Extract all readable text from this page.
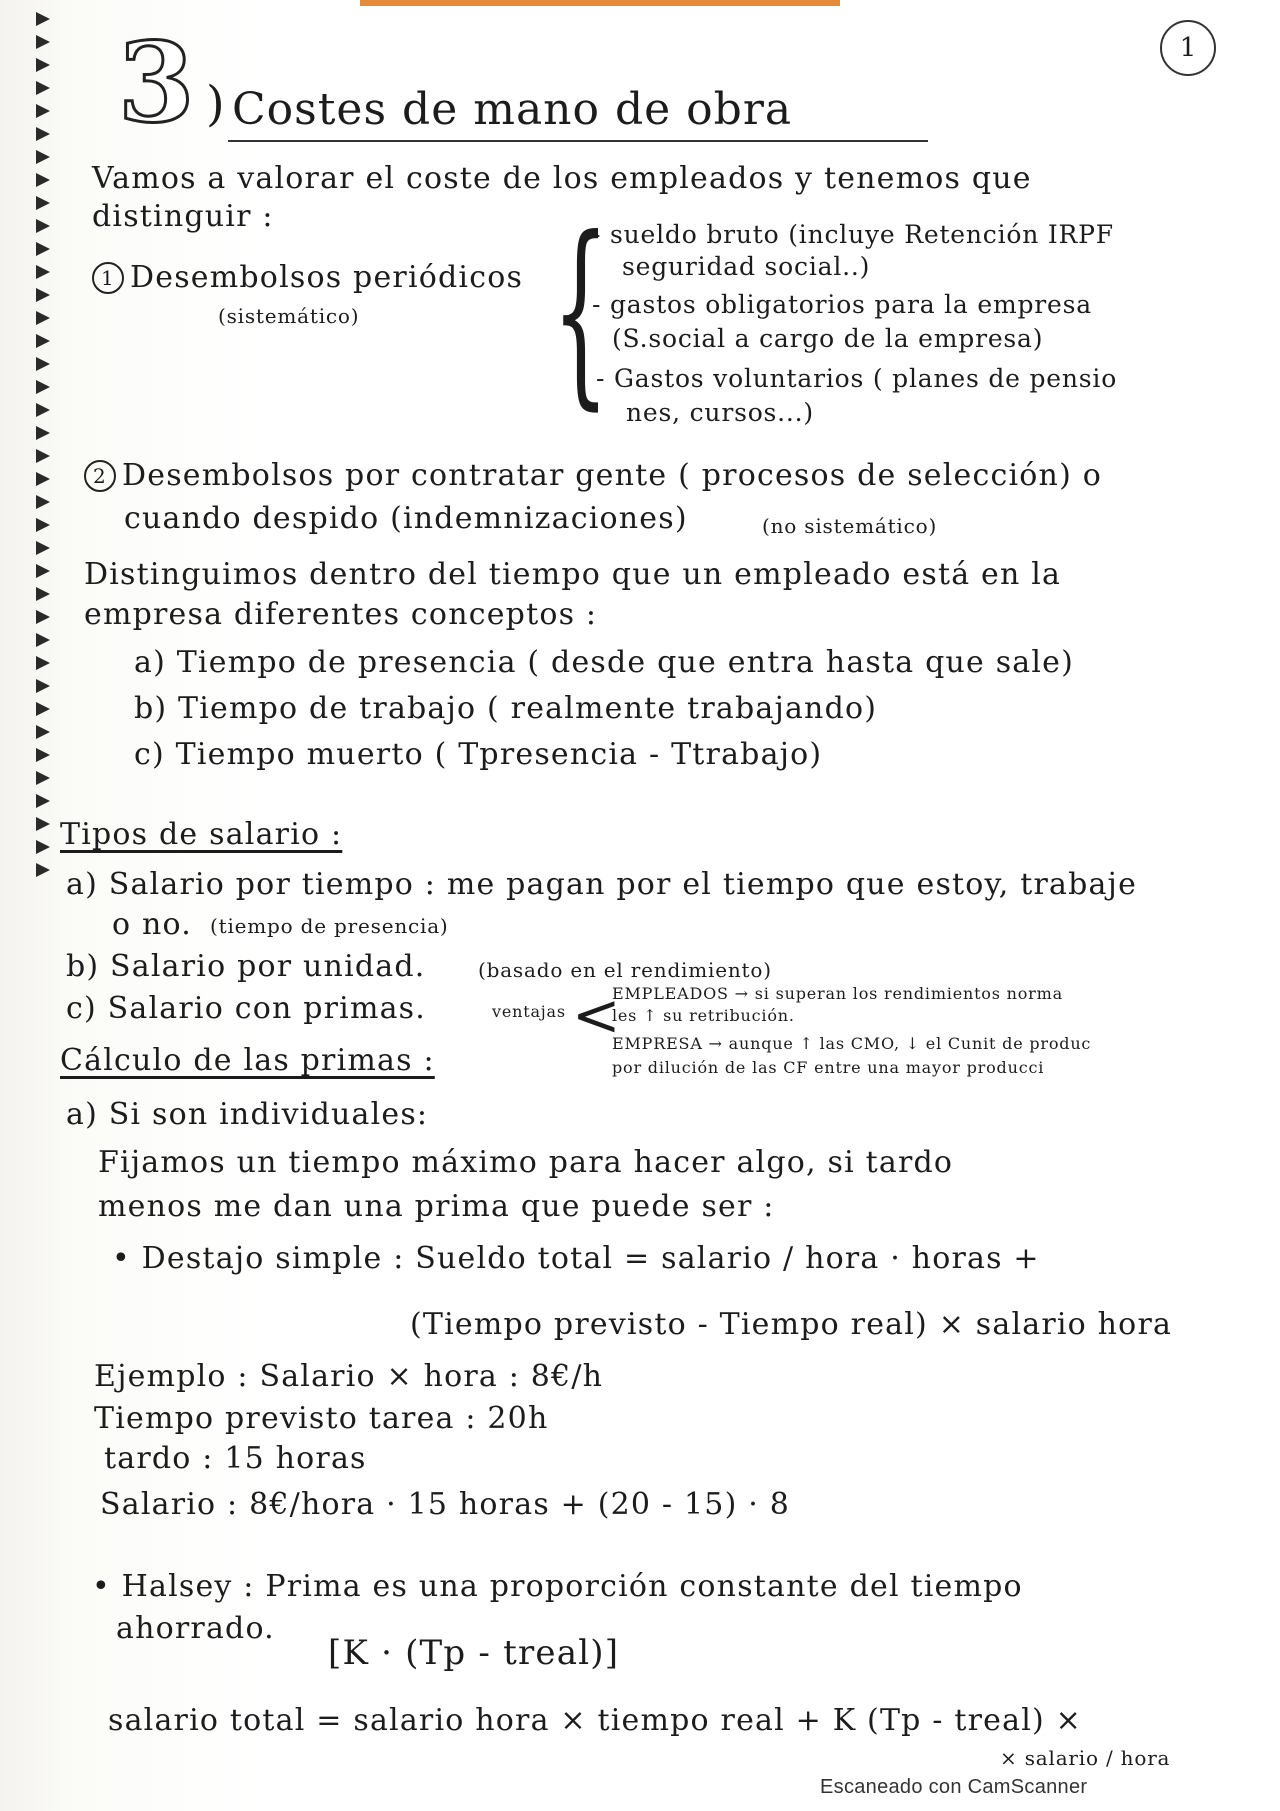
1
3 ) Costes de mano de obra
Vamos a valorar el coste de los empleados y tenemos que
distinguir :
1 Desembolsos periódicos
(sistemático) {
- sueldo bruto (incluye Retención IRPF
seguridad social..)
- gastos obligatorios para la empresa
(S.social a cargo de la empresa)
- Gastos voluntarios ( planes de pensio
nes, cursos...)
2 Desembolsos por contratar gente ( procesos de selección) o
cuando despido (indemnizaciones)	(no sistemático)
Distinguimos dentro del tiempo que un empleado está en la
empresa diferentes conceptos :
a) Tiempo de presencia ( desde que entra hasta que sale)
b) Tiempo de trabajo ( realmente trabajando)
c) Tiempo muerto ( Tpresencia - Ttrabajo)
Tipos de salario :
a) Salario por tiempo : me pagan por el tiempo que estoy, trabaje
o no. (tiempo de presencia)
b) Salario por unidad.	(basado en el rendimiento)
c) Salario con primas.	ventajas <
EMPLEADOS → si superan los rendimientos norma
les ↑ su retribución.
Cálculo de las primas :	EMPRESA → aunque ↑ las CMO, ↓ el Cunit de produc
por dilución de las CF entre una mayor producci
a) Si son individuales:
Fijamos un tiempo máximo para hacer algo, si tardo
menos me dan una prima que puede ser :
• Destajo simple : Sueldo total = salario / hora · horas +
(Tiempo previsto - Tiempo real) × salario hora
Ejemplo : Salario × hora : 8€/h
Tiempo previsto tarea : 20h
tardo : 15 horas
Salario : 8€/hora · 15 horas + (20 - 15) · 8
• Halsey : Prima es una proporción constante del tiempo
ahorrado.
[K · (Tp - treal)]
salario total = salario hora × tiempo real + K (Tp - treal) ×
× salario / hora
Escaneado con CamScanner
